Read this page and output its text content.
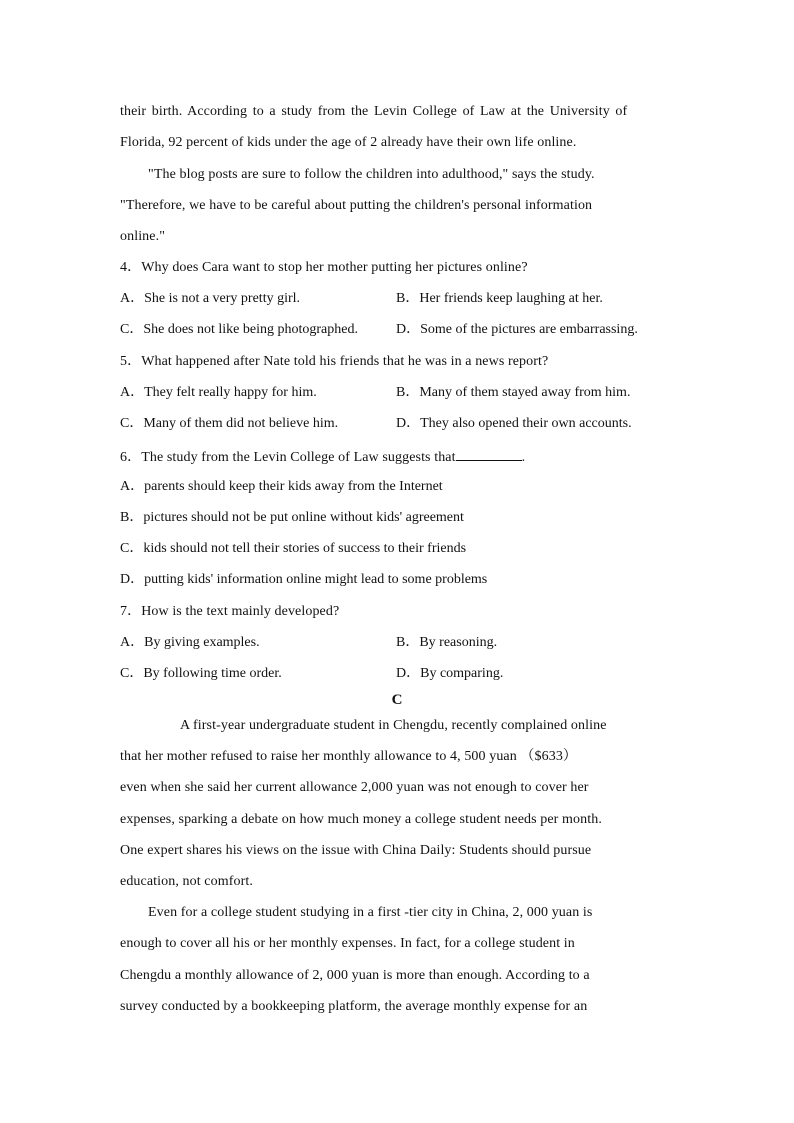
their birth. According to a study from the Levin College of Law at the University of
Florida, 92 percent of kids under the age of 2 already have their own life online.
"The blog posts are sure to follow the children into adulthood," says the study.
"Therefore, we have to be careful about putting the children's personal information
online."
4．Why does Cara want to stop her mother putting her pictures online?
A．She is not a very pretty girl.	B．Her friends keep laughing at her.
C．She does not like being photographed.	D．Some of the pictures are embarrassing.
5．What happened after Nate told his friends that he was in a news report?
A．They felt really happy for him.	B．Many of them stayed away from him.
C．Many of them did not believe him.	D．They also opened their own accounts.
6．The study from the Levin College of Law suggests that	.
A．parents should keep their kids away from the Internet
B．pictures should not be put online without kids' agreement
C．kids should not tell their stories of success to their friends
D．putting kids' information online might lead to some problems
7．How is the text mainly developed?
A．By giving examples.	B．By reasoning.
C．By following time order.	D．By comparing.
C
A first-year undergraduate student in Chengdu, recently complained online
that her mother refused to raise her monthly allowance to 4, 500 yuan （$633）
even when she said her current allowance 2,000 yuan was not enough to cover her
expenses, sparking a debate on how much money a college student needs per month.
One expert shares his views on the issue with China Daily: Students should pursue
education, not comfort.
Even for a college student studying in a first -tier city in China, 2, 000 yuan is
enough to cover all his or her monthly expenses. In fact, for a college student in
Chengdu a monthly allowance of 2, 000 yuan is more than enough. According to a
survey conducted by a bookkeeping platform, the average monthly expense for an
